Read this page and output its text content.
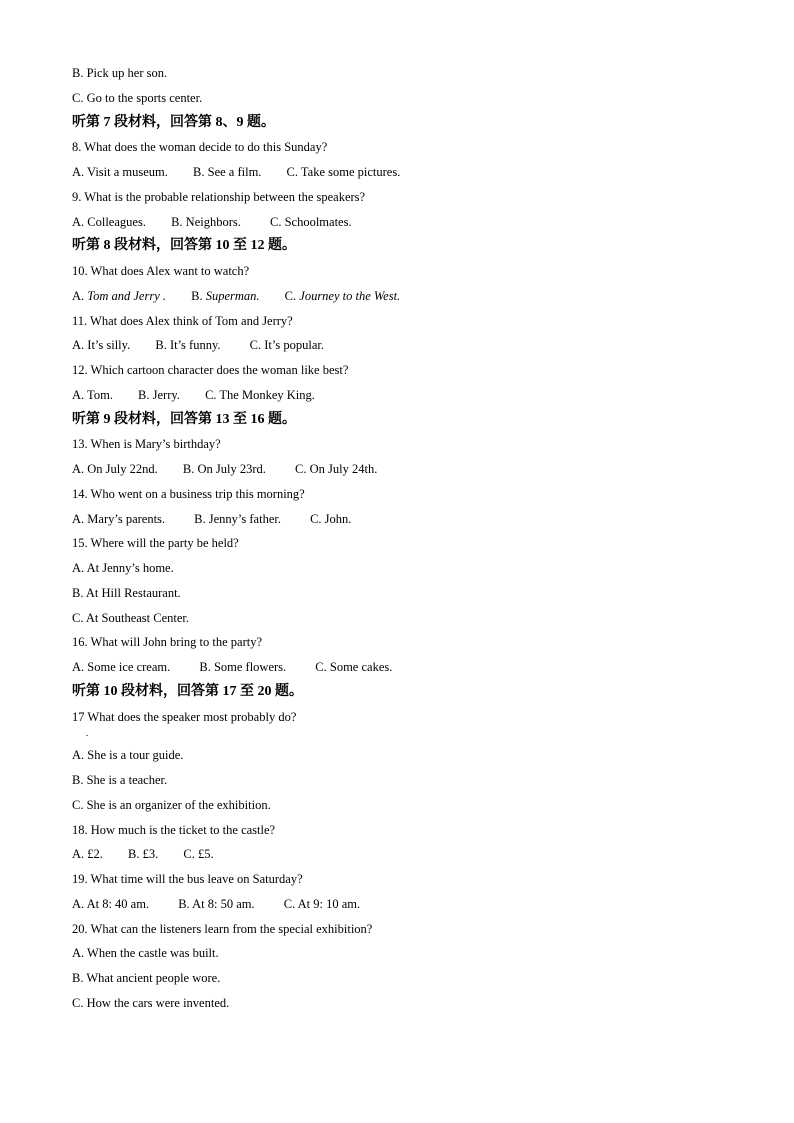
B. Pick up her son.
C. Go to the sports center.
听第 7 段材料，回答第 8、9 题。
8. What does the woman decide to do this Sunday?
A. Visit a museum. B. See a film. C. Take some pictures.
9. What is the probable relationship between the speakers?
A. Colleagues. B. Neighbors. C. Schoolmates.
听第 8 段材料，回答第 10 至 12 题。
10. What does Alex want to watch?
A. Tom and Jerry . B. Superman. C. Journey to the West.
11. What does Alex think of Tom and Jerry?
A. It’s silly. B. It’s funny. C. It’s popular.
12. Which cartoon character does the woman like best?
A. Tom. B. Jerry. C. The Monkey King.
听第 9 段材料，回答第 13 至 16 题。
13. When is Mary’s birthday?
A. On July 22nd. B. On July 23rd. C. On July 24th.
14. Who went on a business trip this morning?
A. Mary’s parents. B. Jenny’s father. C. John.
15. Where will the party be held?
A. At Jenny’s home.
B. At Hill Restaurant.
C. At Southeast Center.
16. What will John bring to the party?
A. Some ice cream. B. Some flowers. C. Some cakes.
听第 10 段材料，回答第 17 至 20 题。
17 What does the speaker most probably do?
.
A. She is a tour guide.
B. She is a teacher.
C. She is an organizer of the exhibition.
18. How much is the ticket to the castle?
A. £2. B. £3. C. £5.
19. What time will the bus leave on Saturday?
A. At 8: 40 am. B. At 8: 50 am. C. At 9: 10 am.
20. What can the listeners learn from the special exhibition?
A. When the castle was built.
B. What ancient people wore.
C. How the cars were invented.
